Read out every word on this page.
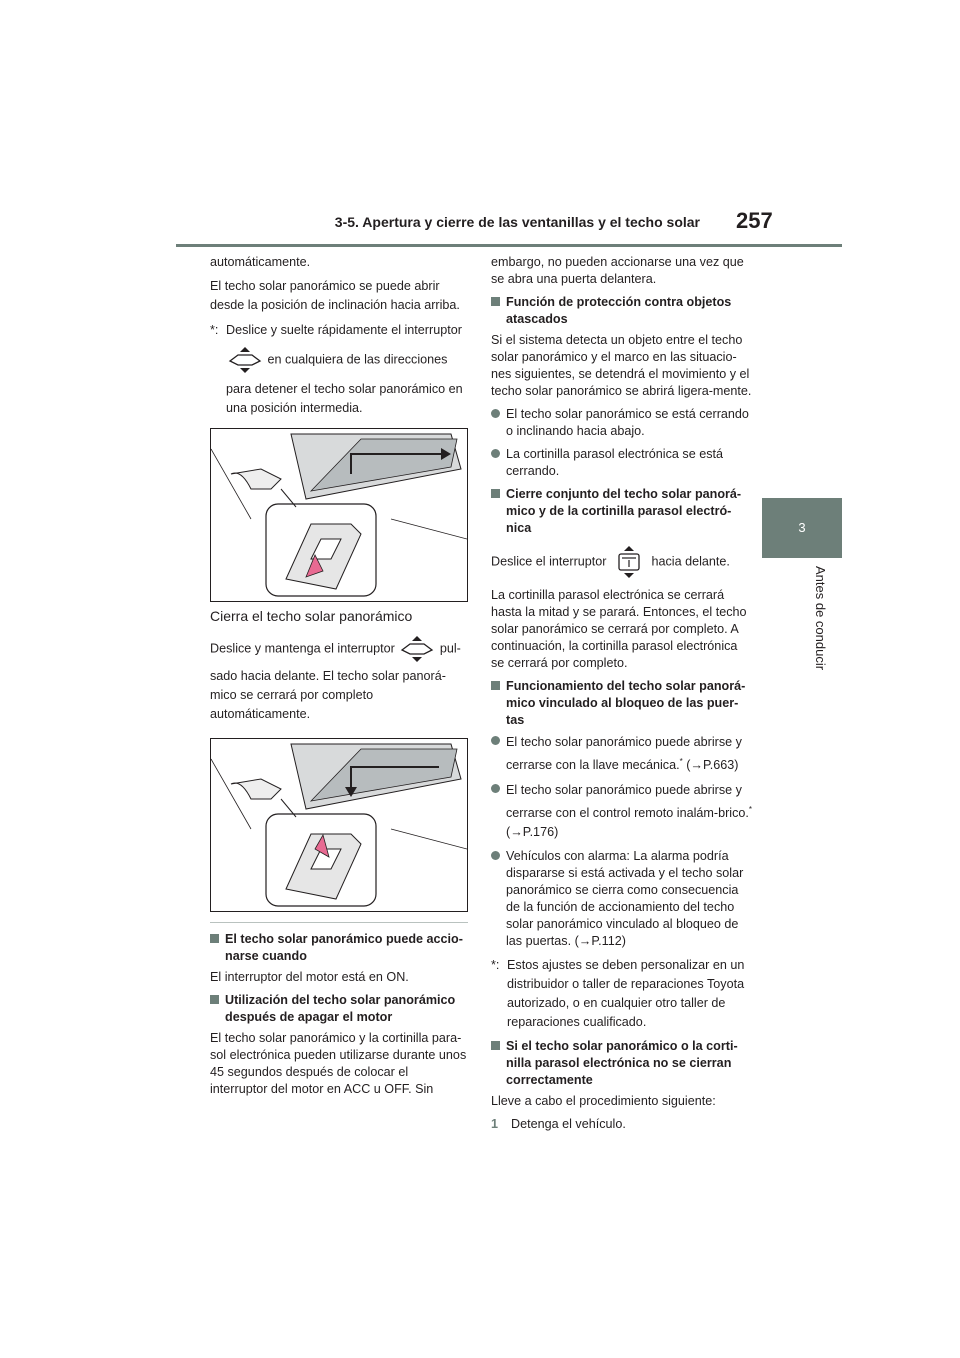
3-5. Apertura y cierre de las ventanillas y el techo solar 257
3
Antes de conducir

automáticamente.

El techo solar panorámico se puede abrir desde la posición de inclinación hacia arriba.

*: Deslice y suelte rápidamente el interruptor
en cualquiera de las direcciones
para detener el techo solar panorámico en una posición intermedia.
Cierra el techo solar panorámico
Deslice y mantenga el interruptor	pul-
sado hacia delante. El techo solar panorá-mico se cerrará por completo automáticamente.
El techo solar panorámico puede accio-narse cuando

El interruptor del motor está en ON.

Utilización del techo solar panorámico después de apagar el motor

El techo solar panorámico y la cortinilla para-sol electrónica pueden utilizarse durante unos 45 segundos después de colocar el interruptor del motor en ACC u OFF. Sin

embargo, no pueden accionarse una vez que se abra una puerta delantera.

Función de protección contra objetos atascados

Si el sistema detecta un objeto entre el techo solar panorámico y el marco en las situacio-nes siguientes, se detendrá el movimiento y el techo solar panorámico se abrirá ligera-mente.

El techo solar panorámico se está cerrando o inclinando hacia abajo.
La cortinilla parasol electrónica se está cerrando.
Cierre conjunto del techo solar panorá-mico y de la cortinilla parasol electró-nica
Deslice el interruptor	hacia delante.

La cortinilla parasol electrónica se cerrará hasta la mitad y se parará. Entonces, el techo solar panorámico se cerrará por completo. A continuación, la cortinilla parasol electrónica se cerrará por completo.

Funcionamiento del techo solar panorá-mico vinculado al bloqueo de las puer-tas
El techo solar panorámico puede abrirse y cerrarse con la llave mecánica.* (→P.663)
El techo solar panorámico puede abrirse y cerrarse con el control remoto inalám-brico.* (→P.176)
Vehículos con alarma: La alarma podría dispararse si está activada y el techo solar panorámico se cierra como consecuencia de la función de accionamiento del techo solar panorámico vinculado al bloqueo de las puertas. (→P.112)
*: Estos ajustes se deben personalizar en un distribuidor o taller de reparaciones Toyota autorizado, o en cualquier otro taller de reparaciones cualificado.
Si el techo solar panorámico o la corti-nilla parasol electrónica no se cierran correctamente

Lleve a cabo el procedimiento siguiente:

1	Detenga el vehículo.
